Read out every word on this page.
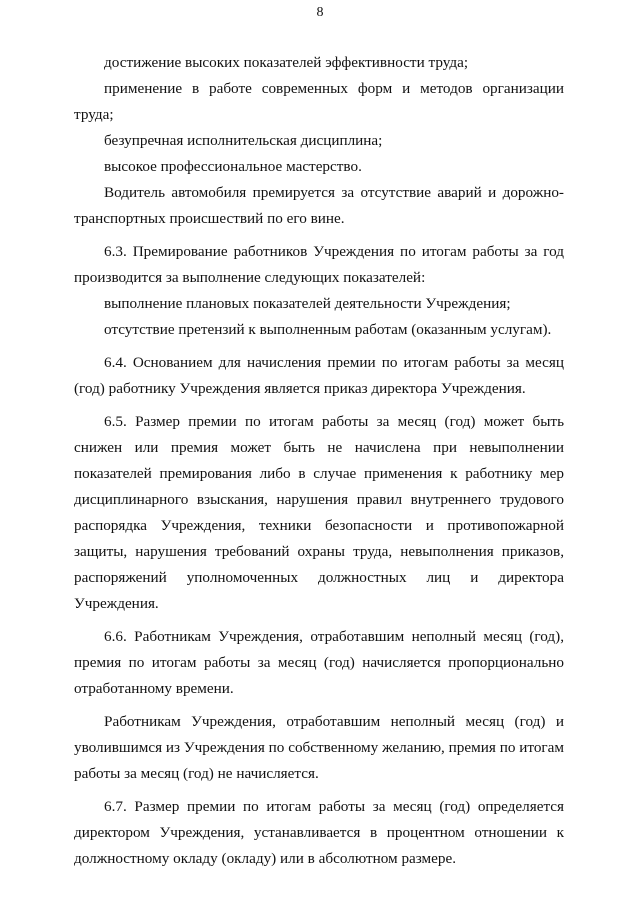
8

достижение высоких показателей эффективности труда;

применение в работе современных форм и методов организации труда;

безупречная исполнительская дисциплина;

высокое профессиональное мастерство.

Водитель автомобиля премируется за отсутствие аварий и дорожно-транспортных происшествий по его вине.

6.3. Премирование работников Учреждения по итогам работы за год производится за выполнение следующих показателей:

выполнение плановых показателей деятельности Учреждения;

отсутствие претензий к выполненным работам (оказанным услугам).

6.4. Основанием для начисления премии по итогам работы за месяц (год) работнику Учреждения является приказ директора Учреждения.

6.5. Размер премии по итогам работы за месяц (год) может быть снижен или премия может быть не начислена при невыполнении показателей премирования либо в случае применения к работнику мер дисциплинарного взыскания, нарушения правил внутреннего трудового распорядка Учреждения, техники безопасности и противопожарной защиты, нарушения требований охраны труда, невыполнения приказов, распоряжений уполномоченных должностных лиц и директора Учреждения.

6.6. Работникам Учреждения, отработавшим неполный месяц (год), премия по итогам работы за месяц (год) начисляется пропорционально отработанному времени.

Работникам Учреждения, отработавшим неполный месяц (год) и уволившимся из Учреждения по собственному желанию, премия по итогам работы за месяц (год) не начисляется.

6.7. Размер премии по итогам работы за месяц (год) определяется директором Учреждения, устанавливается в процентном отношении к должностному окладу (окладу) или в абсолютном размере.
